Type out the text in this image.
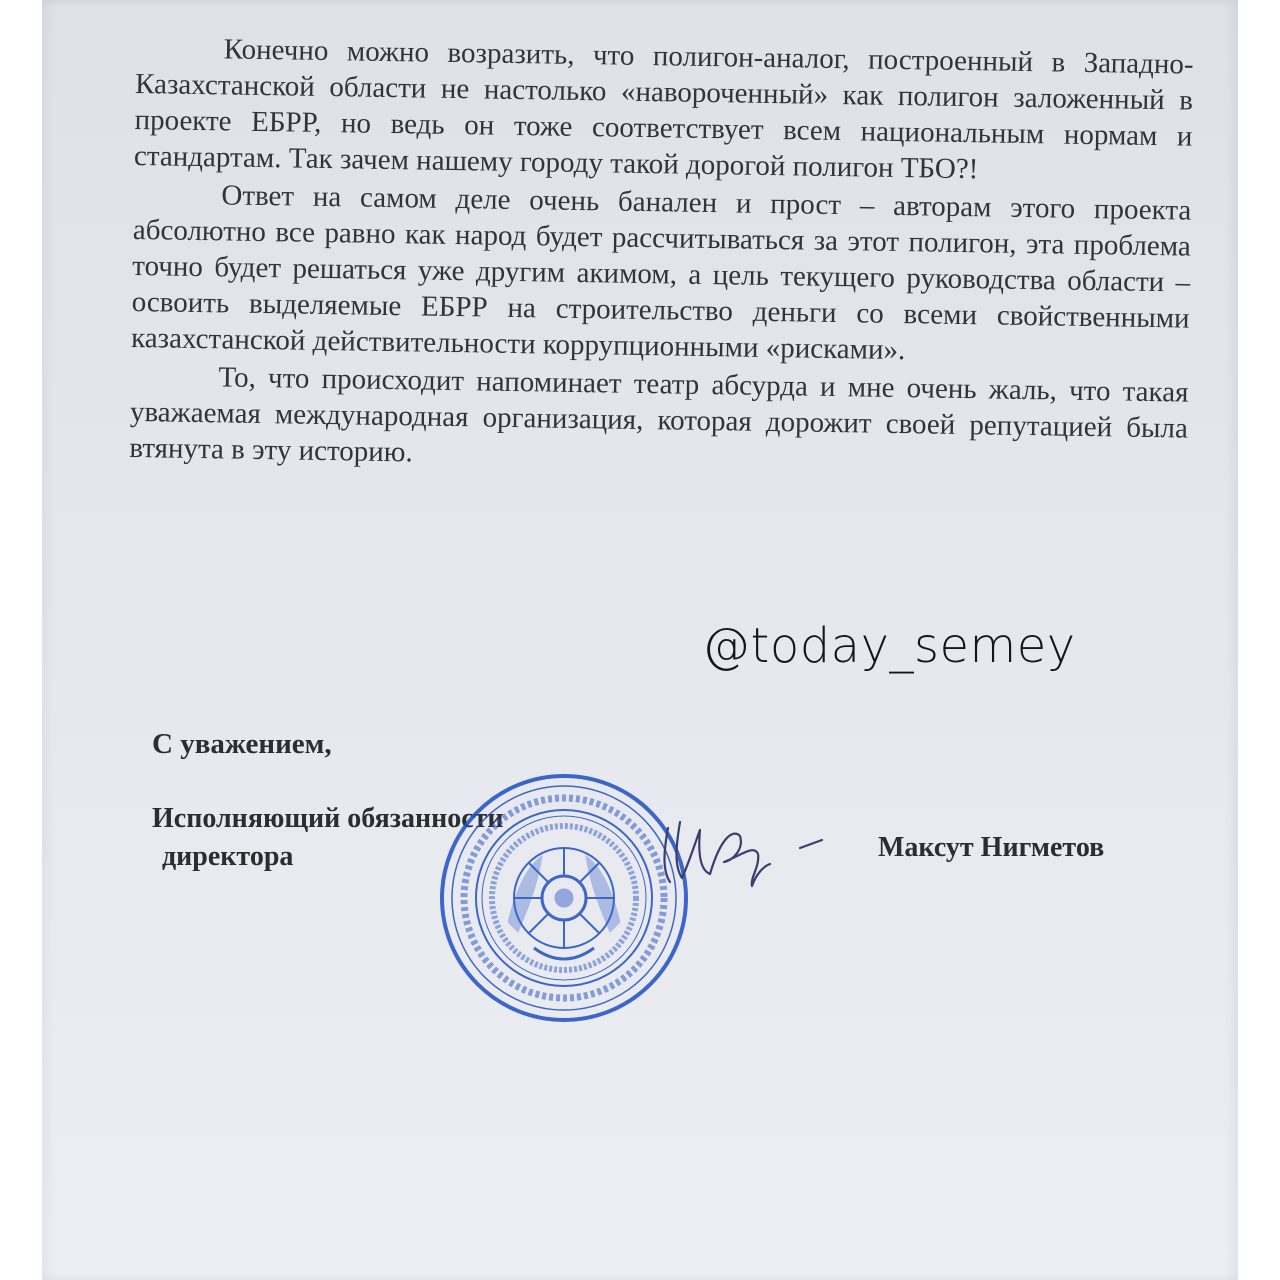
Конечно можно возразить, что полигон-аналог, построенный в Западно-Казахстанской области не настолько «навороченный» как полигон заложенный в проекте ЕБРР, но ведь он тоже соответствует всем национальным нормам и стандартам. Так зачем нашему городу такой дорогой полигон ТБО?!

Ответ на самом деле очень банален и прост – авторам этого проекта абсолютно все равно как народ будет рассчитываться за этот полигон, эта проблема точно будет решаться уже другим акимом, а цель текущего руководства области – освоить выделяемые ЕБРР на строительство деньги со всеми свойственными казахстанской действительности коррупционными «рисками».

То, что происходит напоминает театр абсурда и мне очень жаль, что такая уважаемая международная организация, которая дорожит своей репутацией была втянута в эту историю.

@today_semey
С уважением,
Исполняющий обязанности
директора	Максут Нигметов
